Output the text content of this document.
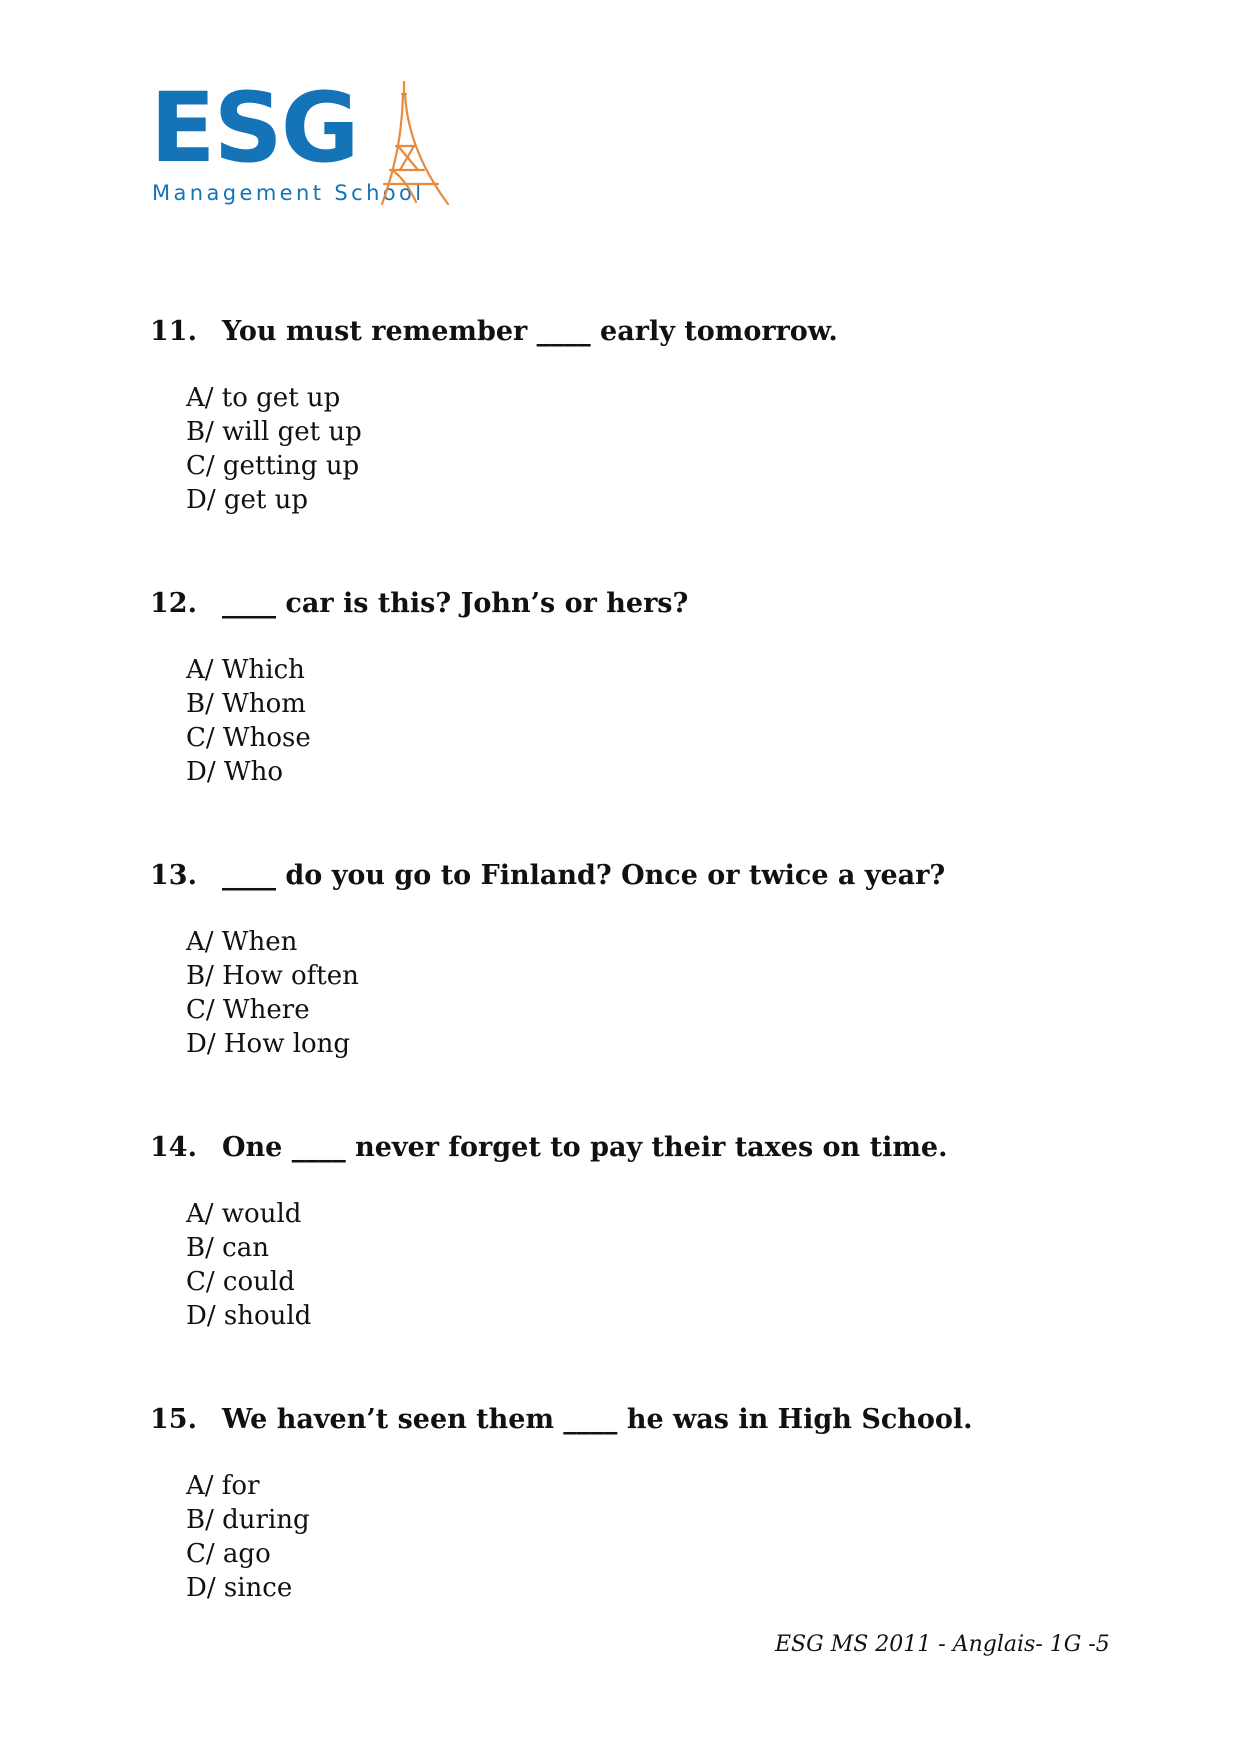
ESG
Management School
11. You must remember ____ early tomorrow.
A/ to get up
B/ will get up
C/ getting up
D/ get up
12. ____ car is this? John’s or hers?
A/ Which
B/ Whom
C/ Whose
D/ Who
13. ____ do you go to Finland? Once or twice a year?
A/ When
B/ How often
C/ Where
D/ How long
14. One ____ never forget to pay their taxes on time.
A/ would
B/ can
C/ could
D/ should
15. We haven’t seen them ____ he was in High School.
A/ for
B/ during
C/ ago
D/ since
ESG MS 2011 - Anglais- 1G -5
